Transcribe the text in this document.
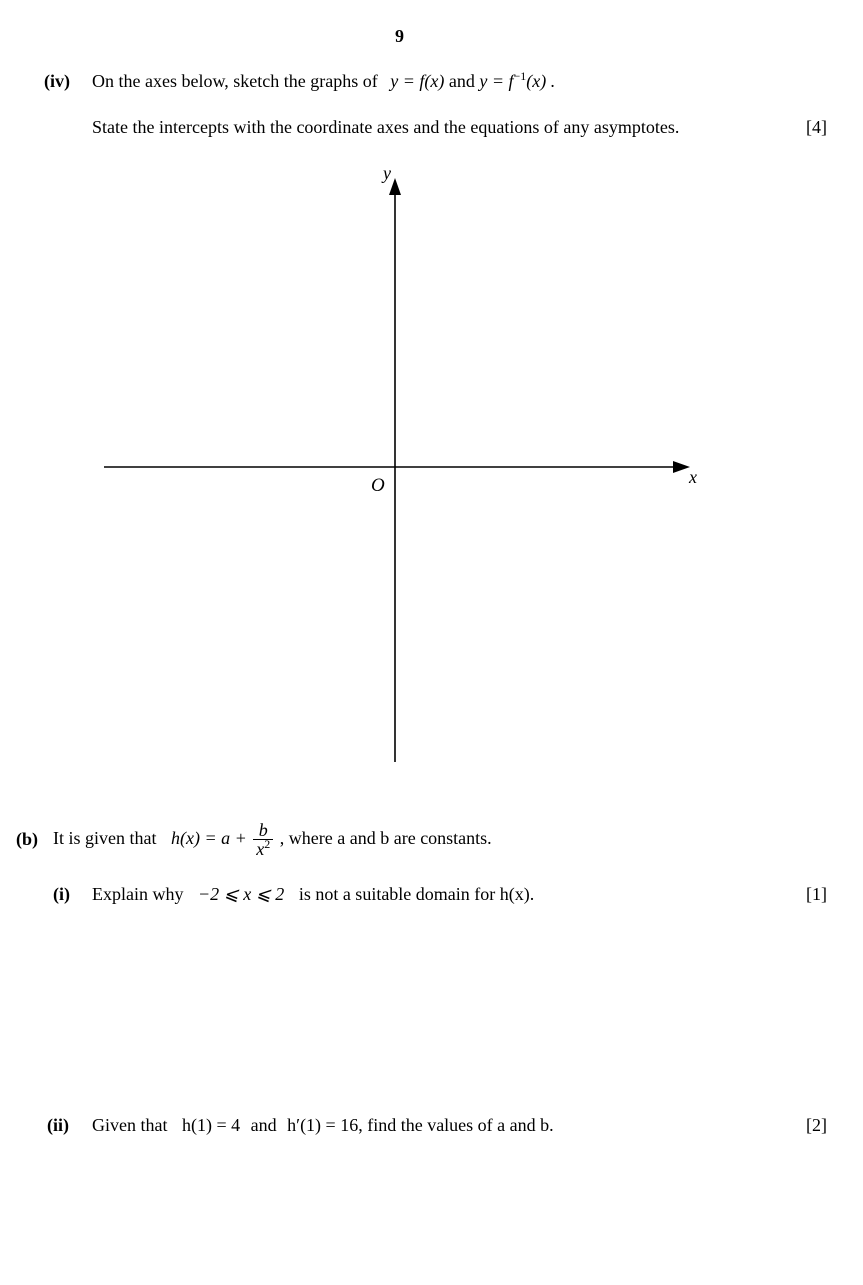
9
(iv) On the axes below, sketch the graphs of y = f(x) and $y = f^{-1}(x)$ .
State the intercepts with the coordinate axes and the equations of any asymptotes.	[4]
x
y
O
(b) It is given that $h(x) = a + \frac{b}{x^2}$ , where a and b are constants.
(i) Explain why −2 ⩽ x ⩽ 2 is not a suitable domain for h(x).	[1]
(ii) Given that h(1) = 4 and h′(1) = 16, find the values of a and b.	[2]
